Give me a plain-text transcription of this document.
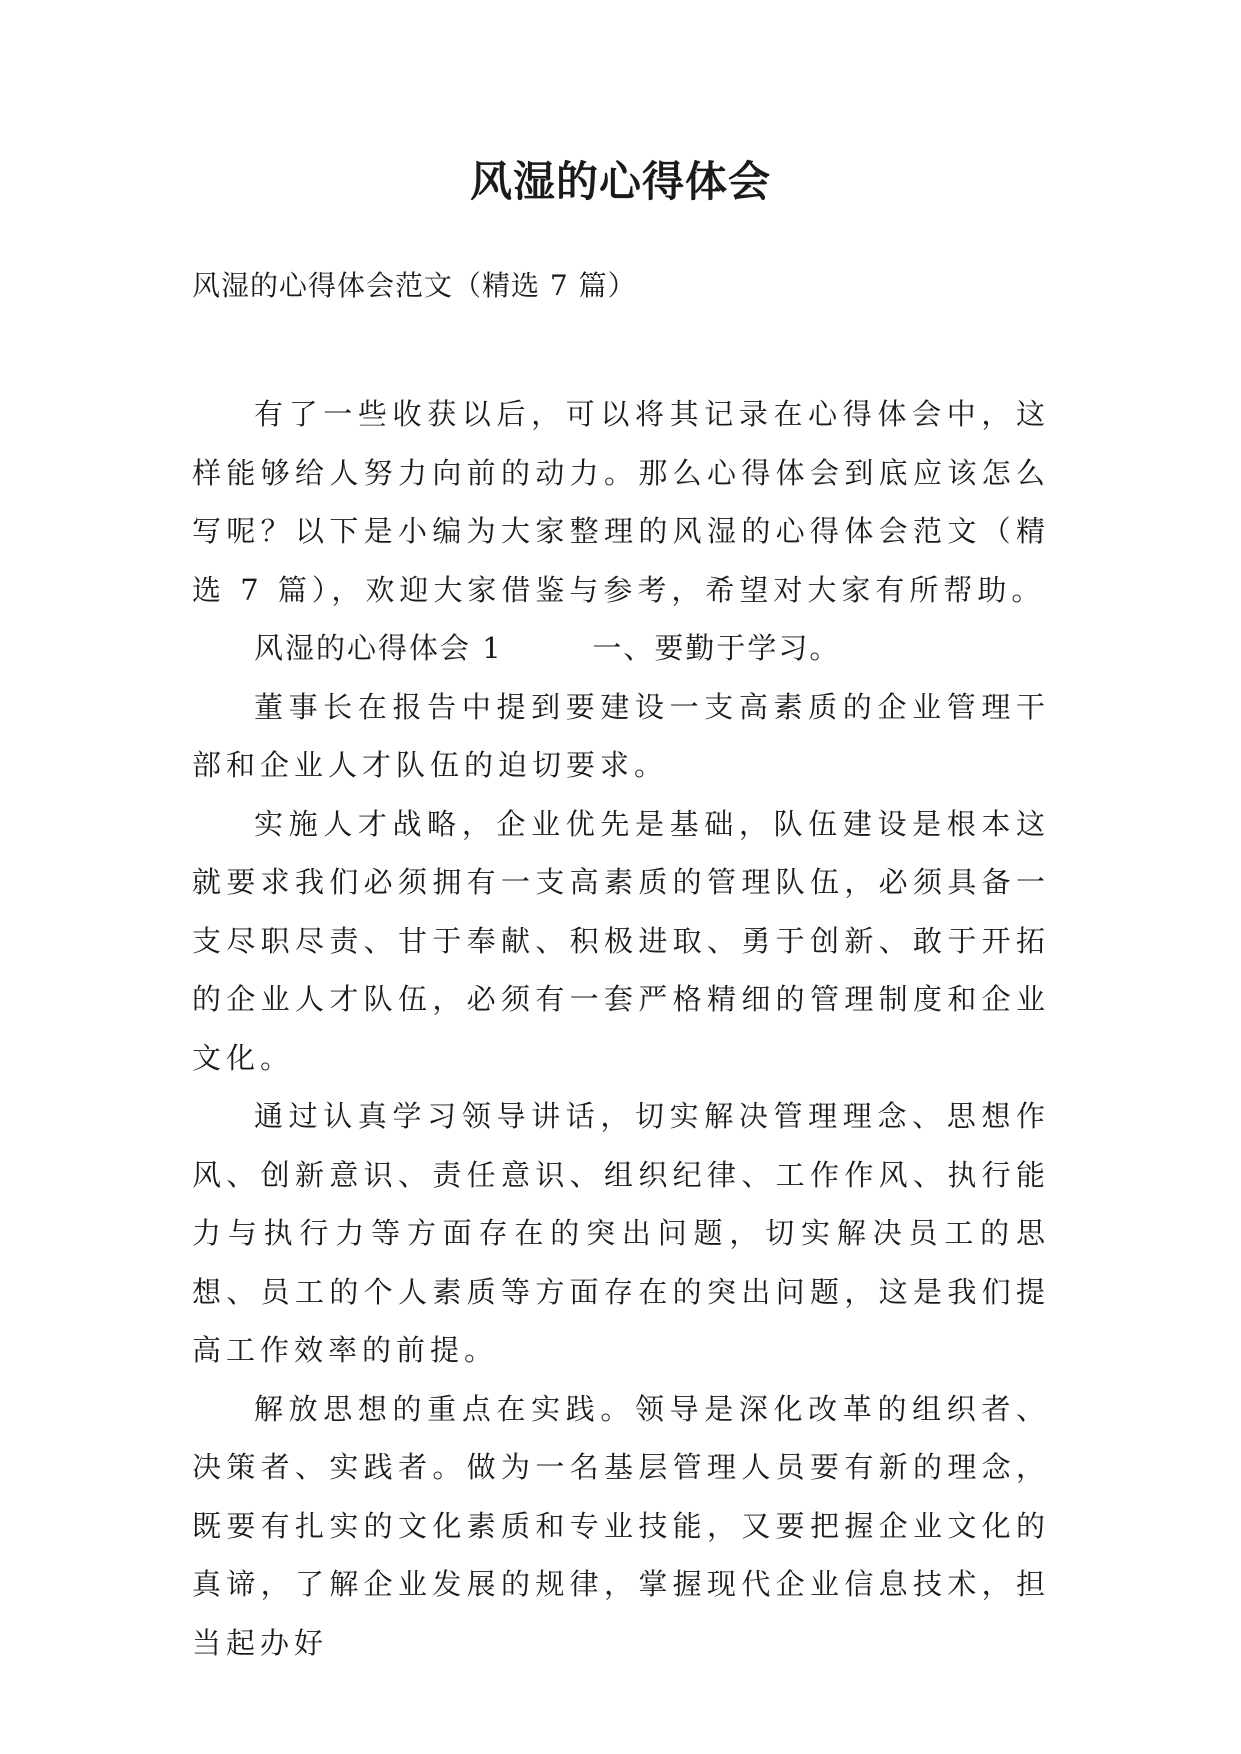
风湿的心得体会

风湿的心得体会范文（精选 7 篇）

有了一些收获以后，可以将其记录在心得体会中，这样能够给人努力向前的动力。那么心得体会到底应该怎么写呢？以下是小编为大家整理的风湿的心得体会范文（精选 7 篇），欢迎大家借鉴与参考，希望对大家有所帮助。

风湿的心得体会 1        一、要勤于学习。

董事长在报告中提到要建设一支高素质的企业管理干部和企业人才队伍的迫切要求。

实施人才战略，企业优先是基础，队伍建设是根本这就要求我们必须拥有一支高素质的管理队伍，必须具备一支尽职尽责、甘于奉献、积极进取、勇于创新、敢于开拓的企业人才队伍，必须有一套严格精细的管理制度和企业文化。

通过认真学习领导讲话，切实解决管理理念、思想作风、创新意识、责任意识、组织纪律、工作作风、执行能力与执行力等方面存在的突出问题，切实解决员工的思想、员工的个人素质等方面存在的突出问题，这是我们提高工作效率的前提。

解放思想的重点在实践。领导是深化改革的组织者、决策者、实践者。做为一名基层管理人员要有新的理念，既要有扎实的文化素质和专业技能，又要把握企业文化的真谛，了解企业发展的规律，掌握现代企业信息技术，担当起办好
